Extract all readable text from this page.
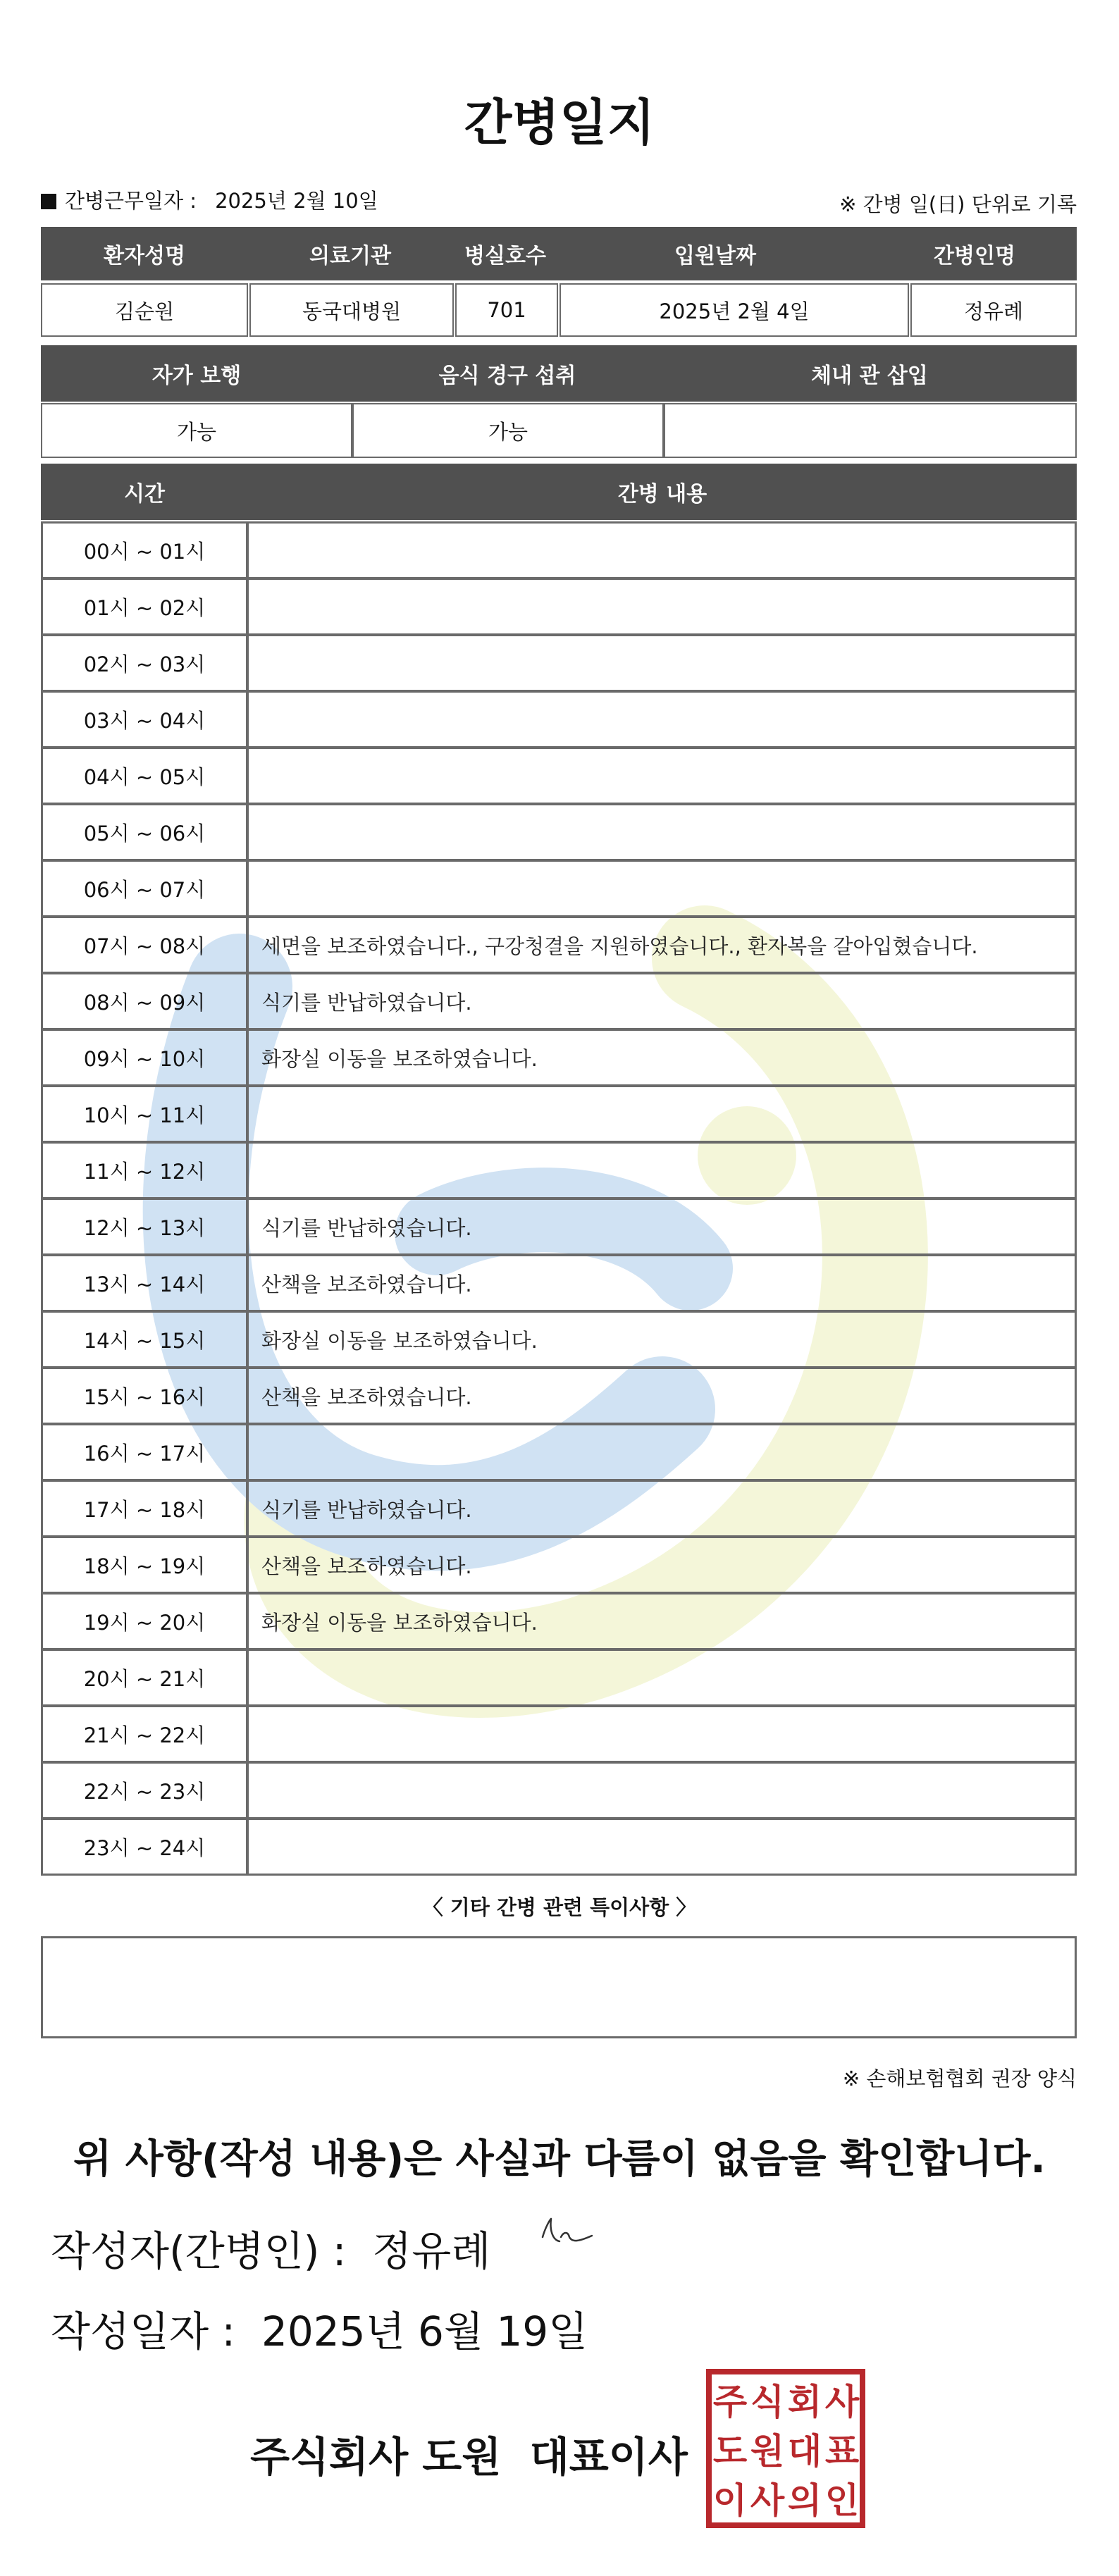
간병일지
간병근무일자 : 2025년 2월 10일	※ 간병 일(日) 단위로 기록
환자성명	의료기관	병실호수	입원날짜	간병인명
김순원	동국대병원	701	2025년 2월 4일	정유례
자가 보행	음식 경구 섭취	체내 관 삽입
가능	가능
시간	간병 내용
00시 ~ 01시
01시 ~ 02시
02시 ~ 03시
03시 ~ 04시
04시 ~ 05시
05시 ~ 06시
06시 ~ 07시
07시 ~ 08시	세면을 보조하였습니다., 구강청결을 지원하였습니다., 환자복을 갈아입혔습니다.
08시 ~ 09시	식기를 반납하였습니다.
09시 ~ 10시	화장실 이동을 보조하였습니다.
10시 ~ 11시
11시 ~ 12시
12시 ~ 13시	식기를 반납하였습니다.
13시 ~ 14시	산책을 보조하였습니다.
14시 ~ 15시	화장실 이동을 보조하였습니다.
15시 ~ 16시	산책을 보조하였습니다.
16시 ~ 17시
17시 ~ 18시	식기를 반납하였습니다.
18시 ~ 19시	산책을 보조하였습니다.
19시 ~ 20시	화장실 이동을 보조하였습니다.
20시 ~ 21시
21시 ~ 22시
22시 ~ 23시
23시 ~ 24시
〈 기타 간병 관련 특이사항 〉
※ 손해보험협회 권장 양식
위 사항(작성 내용)은 사실과 다름이 없음을 확인합니다.
작성자(간병인) : 정유례
작성일자 : 2025년 6월 19일
주식회사 도원  대표이사
주 식 회 사
도 원 대 표
이 사 의 인
